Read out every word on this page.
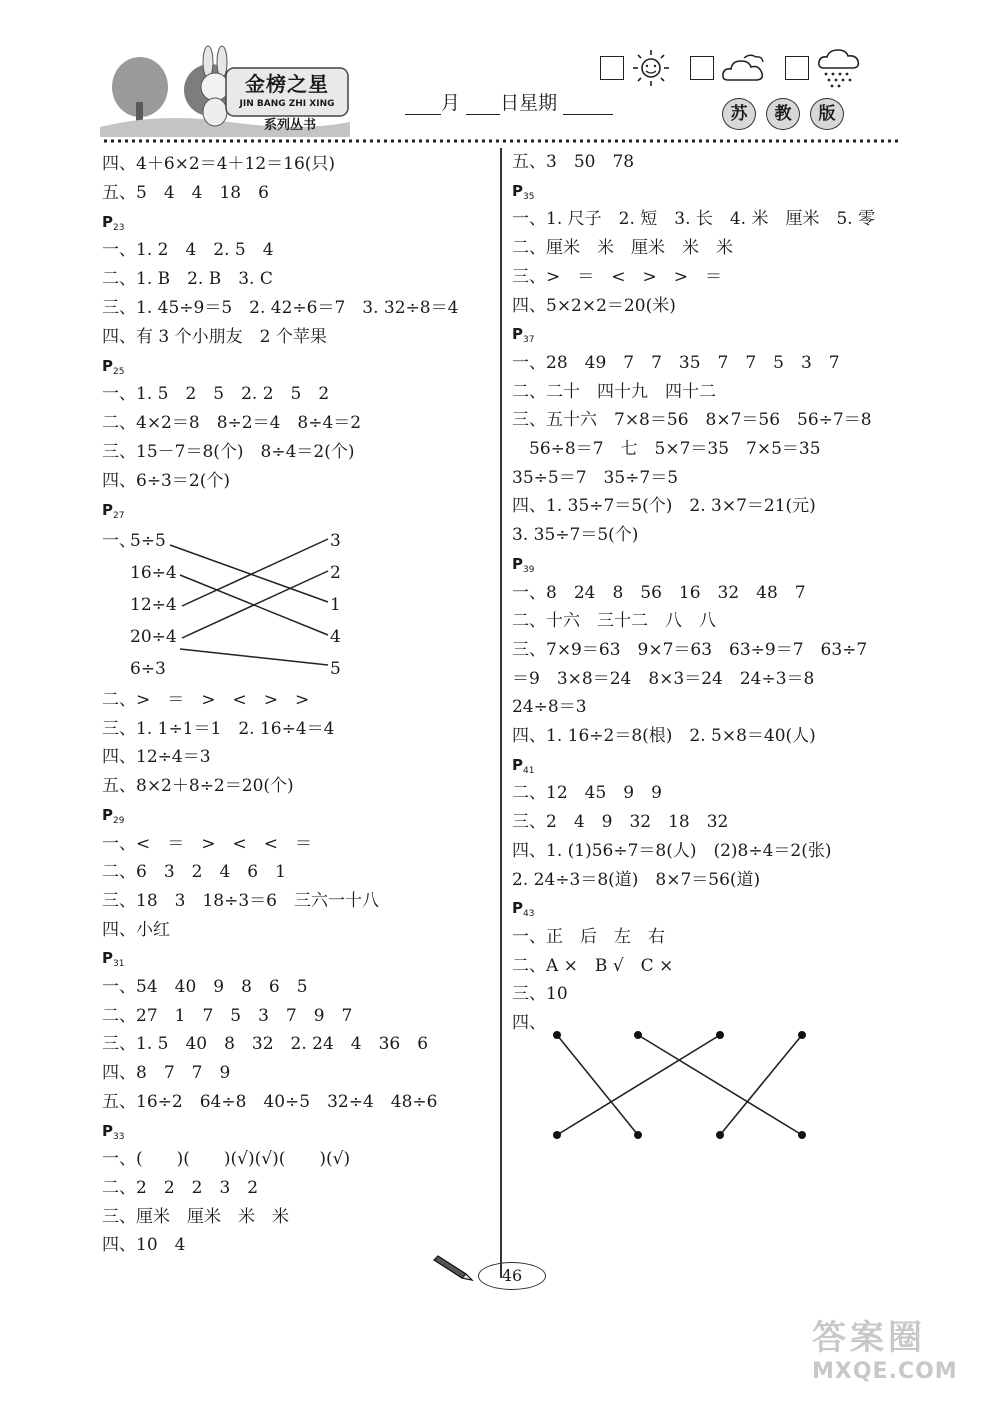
金榜之星
JIN BANG ZHI XING
系列丛书
月 日星期	苏 教 版
四、4＋6×2＝4＋12＝16(只)
五、5　4　4　18　6
$P_{23}$
一、1. 2　4　2. 5　4
二、1. B　2. B　3. C
三、1. 45÷9＝5　2. 42÷6＝7　3. 32÷8＝4
四、有 3 个小朋友　2 个苹果
$P_{25}$
一、1. 5　2　5　2. 2　5　2
二、4×2＝8　8÷2＝4　8÷4＝2
三、15－7＝8(个)　8÷4＝2(个)
四、6÷3＝2(个)
$P_{27}$
一、
5÷5
16÷4
12÷4
20÷4
6÷3
3
2
1
4
5
二、>　＝　>　<　>　>
三、1. 1÷1＝1　2. 16÷4＝4
四、12÷4＝3
五、8×2＋8÷2＝20(个)
$P_{29}$
一、<　＝　>　<　<　＝
二、6　3　2　4　6　1
三、18　3　18÷3＝6　三六一十八
四、小红
$P_{31}$
一、54　40　9　8　6　5
二、27　1　7　5　3　7　9　7
三、1. 5　40　8　32　2. 24　4　36　6
四、8　7　7　9
五、16÷2　64÷8　40÷5　32÷4　48÷6
$P_{33}$
一、(　　)(　　)(√)(√)(　　)(√)
二、2　2　2　3　2
三、厘米　厘米　米　米
四、10　4
五、3　50　78
$P_{35}$
一、1. 尺子　2. 短　3. 长　4. 米　厘米　5. 零
二、厘米　米　厘米　米　米
三、>　＝　<　>　>　＝
四、5×2×2＝20(米)
$P_{37}$
一、28　49　7　7　35　7　7　5　3　7
二、二十　四十九　四十二
三、五十六　7×8＝56　8×7＝56　56÷7＝8
　56÷8＝7　七　5×7＝35　7×5＝35
35÷5＝7　35÷7＝5
四、1. 35÷7＝5(个)　2. 3×7＝21(元)
3. 35÷7＝5(个)
$P_{39}$
一、8　24　8　56　16　32　48　7
二、十六　三十二　八　八
三、7×9＝63　9×7＝63　63÷9＝7　63÷7
＝9　3×8＝24　8×3＝24　24÷3＝8
24÷8＝3
四、1. 16÷2＝8(根)　2. 5×8＝40(人)
$P_{41}$
二、12　45　9　9
三、2　4　9　32　18　32
四、1. (1)56÷7＝8(人)　(2)8÷4＝2(张)
2. 24÷3＝8(道)　8×7＝56(道)
$P_{43}$
一、正　后　左　右
二、A ×　B √　C ×
三、10
四、
46
答案圈
MXQE.COM
